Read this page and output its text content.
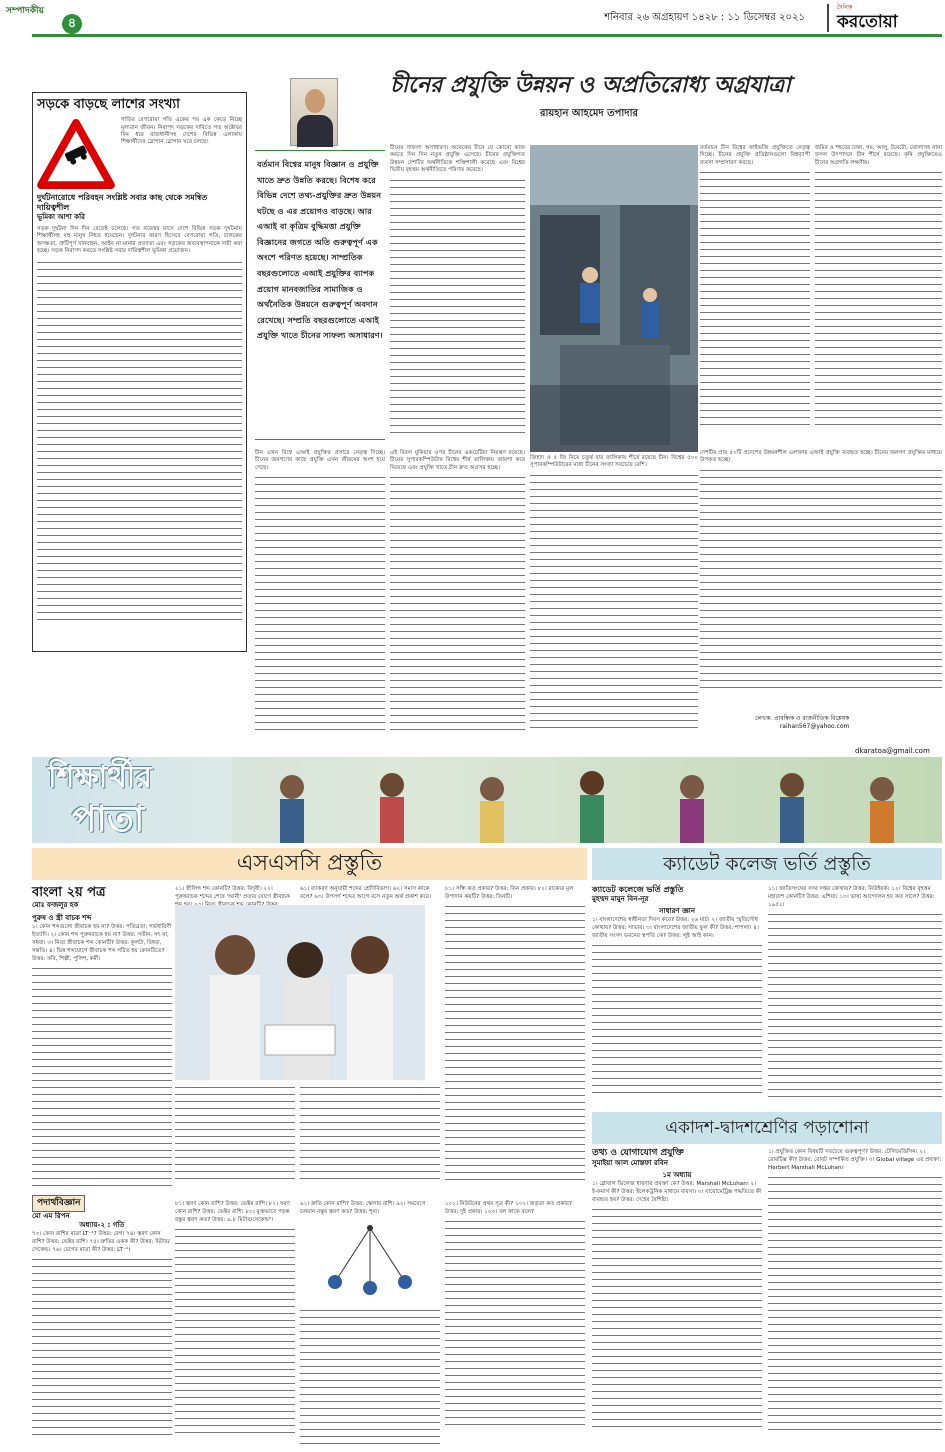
সম্পাদকীয়
৪	শনিবার ২৬ অগ্রহায়ণ ১৪২৮ : ১১ ডিসেম্বর ২০২১
দৈনিক
করতোয়া
সড়কে বাড়ছে লাশের সংখ্যা
গাড়ির বেপরোয়া গতি একের পর এক কেড়ে নিচ্ছে মূল্যবান জীবন। নিরাপদ সড়কের দাবিতে গত অক্টোবর দিন ধরে রাজধানীসহ দেশের বিভিন্ন এলাকায় শিক্ষার্থীদের স্লোগান স্লোগান ঘরে চলছে।
দুর্ঘটনারোধে পরিবহন সংশ্লিষ্ট সবার কাছ থেকে সমন্বিত দায়িত্বশীল
ভূমিকা আশা করি
সড়ক দুর্ঘটনা দিন দিন বেড়েই চলেছে। গত নভেম্বর মাসে দেশে বিভিন্ন সড়ক দুর্ঘটনায় শিক্ষার্থীসহ বহু মানুষ নিহত হয়েছেন। দুর্ঘটনার কারণ হিসেবে বেপরোয়া গতি, চালকের অদক্ষতা, ত্রুটিপূর্ণ যানবাহন, আইন না মানার প্রবণতা এবং সড়কের অব্যবস্থাপনাকে দায়ী করা হচ্ছে। সড়ক নিরাপদ করতে সংশ্লিষ্ট সবার দায়িত্বশীল ভূমিকা প্রয়োজন।
চীনের প্রযুক্তি উন্নয়ন ও অপ্রতিরোধ্য অগ্রযাত্রা
রায়হান আহমেদ তপাদার
বর্তমান বিশ্বের মানুষ বিজ্ঞান ও প্রযুক্তি খাতে দ্রুত উন্নতি করছে। বিশেষ করে বিভিন্ন দেশে তথ্য-প্রযুক্তির দ্রুত উন্নয়ন ঘটছে ও এর প্রয়োগও বাড়ছে। আর এআই বা কৃত্রিম বুদ্ধিমত্তা প্রযুক্তি বিজ্ঞানের জগতে অতি গুরুত্বপূর্ণ এক অংশে পরিণত হয়েছে। সাম্প্রতিক বছরগুলোতে এআই প্রযুক্তির ব্যাপক প্রয়োগ মানবজাতির সামাজিক ও অর্থনৈতিক উন্নয়নে গুরুত্বপূর্ণ অবদান রেখেছে। সম্প্রতি বছরগুলোতে এআই প্রযুক্তি খাতে চীনের সাফল্য অসাধারণ।
চীনের সাফল্য অসাধারণ। অনেকের চীনে যে কোনো কাজ করতে দিন দিন নতুন প্রযুক্তি এসেছে। চীনের প্রযুক্তিগত উন্নয়ন দেশটির অর্থনীতিকে শক্তিশালী করেছে এবং বিশ্বের দ্বিতীয় বৃহত্তম অর্থনীতিতে পরিণত করেছে।
এই বিরল মুকিয়ার ওপর চীনের একচেটিয়া নিয়ন্ত্রণ রয়েছে। চীনের সুপারকম্পিউটার বিশ্বের শীর্ষ তালিকায় জায়গা করে নিয়েছে এবং প্রযুক্তি খাতে চীন দ্রুত অগ্রসর হচ্ছে।
বর্তমানে চীন বিশ্বের ফাইভজি প্রযুক্তিতে নেতৃত্ব দিচ্ছে। চীনের প্রযুক্তি প্রতিষ্ঠানগুলো বিশ্বব্যাপী ব্যবসা সম্প্রসারণ করছে।
জমির ও শহরের ঢাকা, গম, আলু, টমেটো, তোলাসহ নানা ফসল উৎপাদনে চীন শীর্ষে রয়েছে। কৃষি প্রযুক্তিতেও চীনের অগ্রগতি লক্ষণীয়।
চীন এখন বিশ্বে এআই প্রযুক্তির প্রসারে নেতৃত্ব দিচ্ছে। চীনের জনগণের কাছে প্রযুক্তি এখন জীবনের অংশ হয়ে গেছে।
জিহাদ ও ৫ জি নিয়ে চতুর্থ বার তালিকায় শীর্ষে রয়েছে চীন। বিশ্বের ৫০০ সুপারকম্পিউটারের মধ্যে চীনের সংখ্যা সবচেয়ে বেশি।
দেশটির প্রায় ৫০টি প্রদেশের উন্নয়নশীল এলাকায় এআই প্রযুক্তি ব্যবহৃত হচ্ছে। চীনের জনগণ প্রযুক্তির মাধ্যমে উপকৃত হচ্ছে।
লেখক: প্রাবন্ধিক ও রাজনীতিক বিশ্লেষক
raihan567@yahoo.com
dkaratoa@gmail.com
শিক্ষার্থীর
পাতা
এসএসসি প্রস্তুতি	ক্যাডেট কলেজ ভর্তি প্রস্তুতি
বাংলা ২য় পত্র
মোঃ ফজলুর হক
পুরুষ ও স্ত্রী বাচক শব্দ
১। কোন শব্দগুলো স্ত্রীবাচক হয় না? উত্তর: পতিব্রতা; গর্ভধারিণী ইত্যাদি। ২। কোন শব্দ পুরুষবাচক হয় না? উত্তর: সতীন, সৎ মা, সধবা। ৩। নিত্য স্ত্রীবাচক শব্দ কোনটি? উত্তর: কুলটা, বিধবা, সন্ততি। ৪। ভিন্ন শব্দযোগে স্ত্রীবাচক শব্দ গঠিত হয় কোনটিতে? উত্তর: কবি, শিল্পী, পুলিশ, কর্মী।
২১। স্ত্রীলিঙ্গ শব্দ কোনটি? উত্তর: বিদূষী। ২২। পুরুষবাচক শব্দের শেষে 'আনী' প্রত্যয় যোগে স্ত্রীবাচক
৬১। ব্যাকরণ অনুযায়ী শব্দের শ্রেণিবিভাগ। ৬২। সমাস কাকে বলে? ৬৩। উপসর্গ শব্দের আগে বসে নতুন অর্থ প্রকাশ করে।
৮১। সন্ধি কত প্রকার? উত্তর: তিন প্রকার। ৮২। বাক্যের মূল উপাদান কয়টি? উত্তর: তিনটি।
পদার্থবিজ্ঞান
মো এম রিপন
অধ্যায়-২ : গতি
৭৩। কোন রাশির মাত্রা LT⁻¹? উত্তর: বেগ। ৭৪। ত্বরণ কোন রাশি? উত্তর: ভেক্টর রাশি। ৭৫। দ্রুতির একক কী? উত্তর: মিটার/সেকেন্ড। ৭৬। বেগের মাত্রা কী? উত্তর: LT⁻¹।
৮১। ত্বরণ কোন রাশি? উত্তর: ভেক্টর রাশি। ৮২। সরণ কোন রাশি? উত্তর: ভেক্টর রাশি। ৮৩। মুক্তভাবে পড়ন্ত বস্তুর ত্বরণ কত? উত্তর: ৯.৮ মিটার/সেকেন্ড²।
৯১। দ্রুতি কোন রাশি? উত্তর: স্কেলার রাশি। ৯২। সমবেগে চলমান বস্তুর ত্বরণ কত? উত্তর: শূন্য।
১০১। নিউটনের প্রথম সূত্র কী? ১০২। জড়তা কত প্রকার? উত্তর: দুই প্রকার। ১০৩। বল কাকে বলে?
ক্যাডেট কলেজে ভর্তি প্রস্তুতি
মুহম্মদ মামুন বিন-নূর
সাধারণ জ্ঞান
১। বাংলাদেশের স্বাধীনতা দিবস কবে? উত্তর: ২৬ মার্চ। ২। জাতীয় স্মৃতিসৌধ কোথায়? উত্তর: সাভার। ৩। বাংলাদেশের জাতীয় ফুল কী? উত্তর: শাপলা। ৪। জাতীয় সংসদ ভবনের স্থপতি কে? উত্তর: লুই আই কান।
১১। জাতিসংঘের সদর দপ্তর কোথায়? উত্তর: নিউইয়র্ক। ১২। বিশ্বের বৃহত্তম মহাদেশ কোনটি? উত্তর: এশিয়া। ১৩। ভাষা আন্দোলন হয় কত সালে? উত্তর: ১৯৫২।
একাদশ-দ্বাদশশ্রেণির পড়াশোনা
তথ্য ও যোগাযোগ প্রযুক্তি
সুমাইয়া আল মোস্তফা রবিন
১ম অধ্যায়
১। গ্লোবাল ভিলেজ ধারণার প্রবক্তা কে? উত্তর: Marshall McLuhan। ২। ই-কমার্স কী? উত্তর: ইলেকট্রনিক মাধ্যমে ব্যবসা। ৩। বায়োমেট্রিক্স পদ্ধতিতে কী ব্যবহৃত হয়? উত্তর: দেহের বৈশিষ্ট্য।
১। প্রযুক্তির কোন বিষয়টি সবচেয়ে গুরুত্বপূর্ণ? উত্তর: টেলিমেডিসিন। ২। রোবটিক্স কী? উত্তর: রোবট সম্পর্কিত প্রযুক্তি। ৩। Global village এর প্রবক্তা: Herbert Marshall McLuhan।
